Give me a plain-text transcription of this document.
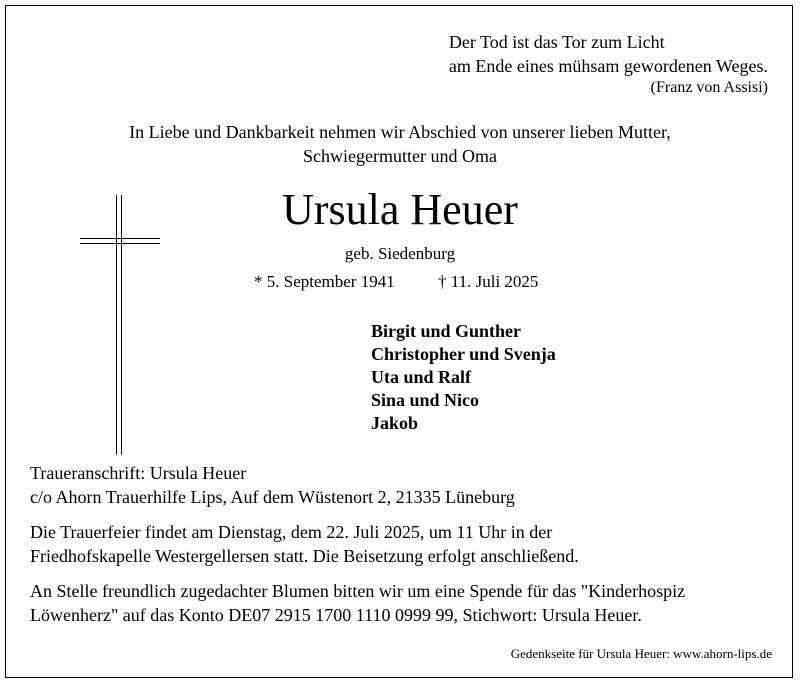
Der Tod ist das Tor zum Licht
am Ende eines mühsam gewordenen Weges.
(Franz von Assisi)
In Liebe und Dankbarkeit nehmen wir Abschied von unserer lieben Mutter,
Schwiegermutter und Oma
Ursula Heuer
geb. Siedenburg
* 5. September 1941	† 11. Juli 2025
Birgit und Gunther
Christopher und Svenja
Uta und Ralf
Sina und Nico
Jakob
Traueranschrift: Ursula Heuer
c/o Ahorn Trauerhilfe Lips, Auf dem Wüstenort 2, 21335 Lüneburg
Die Trauerfeier findet am Dienstag, dem 22. Juli 2025, um 11 Uhr in der
Friedhofskapelle Westergellersen statt. Die Beisetzung erfolgt anschließend.
An Stelle freundlich zugedachter Blumen bitten wir um eine Spende für das "Kinderhospiz
Löwenherz" auf das Konto DE07 2915 1700 1110 0999 99, Stichwort: Ursula Heuer.
Gedenkseite für Ursula Heuer: www.ahorn-lips.de
